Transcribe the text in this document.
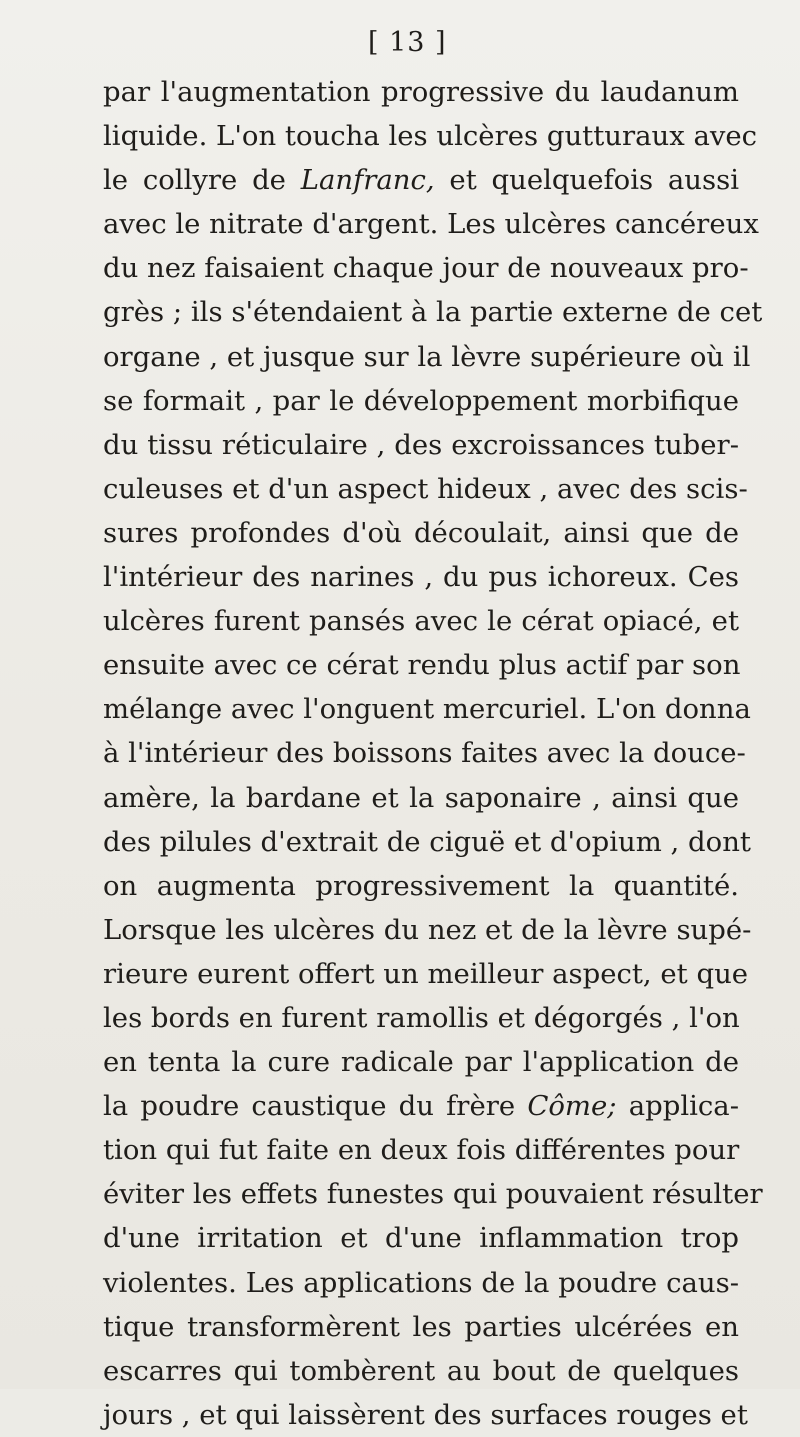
[ 13 ]
par l'augmentation progressive du laudanum
liquide. L'on toucha les ulcères gutturaux avec
le collyre de Lanfranc, et quelquefois aussi
avec le nitrate d'argent. Les ulcères cancéreux
du nez faisaient chaque jour de nouveaux pro-
grès ; ils s'étendaient à la partie externe de cet
organe , et jusque sur la lèvre supérieure où il
se formait , par le développement morbifique
du tissu réticulaire , des excroissances tuber-
culeuses et d'un aspect hideux , avec des scis-
sures profondes d'où découlait, ainsi que de
l'intérieur des narines , du pus ichoreux. Ces
ulcères furent pansés avec le cérat opiacé, et
ensuite avec ce cérat rendu plus actif par son
mélange avec l'onguent mercuriel. L'on donna
à l'intérieur des boissons faites avec la douce-
amère, la bardane et la saponaire , ainsi que
des pilules d'extrait de ciguë et d'opium , dont
on augmenta progressivement la quantité.
Lorsque les ulcères du nez et de la lèvre supé-
rieure eurent offert un meilleur aspect, et que
les bords en furent ramollis et dégorgés , l'on
en tenta la cure radicale par l'application de
la poudre caustique du frère Côme; applica-
tion qui fut faite en deux fois différentes pour
éviter les effets funestes qui pouvaient résulter
d'une irritation et d'une inflammation trop
violentes. Les applications de la poudre caus-
tique transformèrent les parties ulcérées en
escarres qui tombèrent au bout de quelques
jours , et qui laissèrent des surfaces rouges et
